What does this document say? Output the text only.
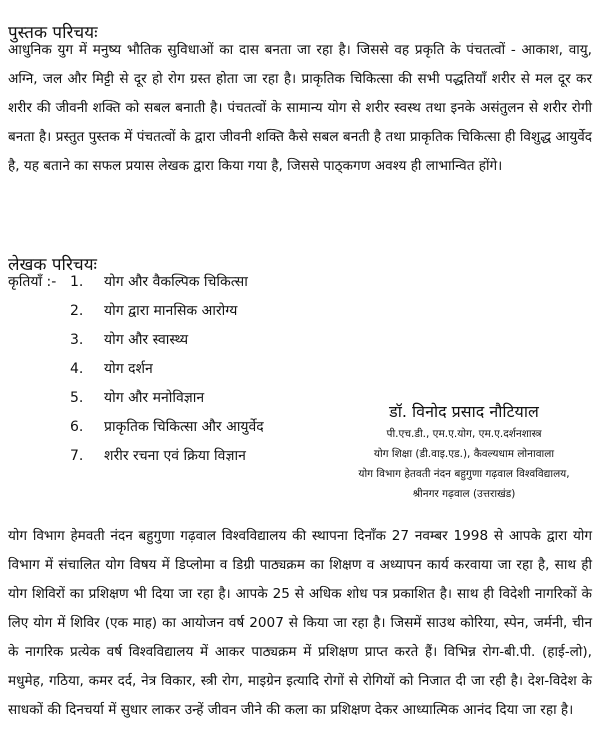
पुस्तक परिचयः

आधुनिक युग में मनुष्य भौतिक सुविधाओं का दास बनता जा रहा है। जिससे वह प्रकृति के पंचतत्वों - आकाश, वायु, अग्नि, जल और मिट्टी से दूर हो रोग ग्रस्त होता जा रहा है। प्राकृतिक चिकित्सा की सभी पद्धतियाँ शरीर से मल दूर कर शरीर की जीवनी शक्ति को सबल बनाती है। पंचतत्वों के सामान्य योग से शरीर स्वस्थ तथा इनके असंतुलन से शरीर रोगी बनता है। प्रस्तुत पुस्तक में पंचतत्वों के द्वारा जीवनी शक्ति कैसे सबल बनती है तथा प्राकृतिक चिकित्सा ही विशुद्ध आयुर्वेद है, यह बताने का सफल प्रयास लेखक द्वारा किया गया है, जिससे पाठ्कगण अवश्य ही लाभान्वित होंगे।

लेखक परिचयः
कृतियाँ :- 1. योग और वैकल्पिक चिकित्सा
2. योग द्वारा मानसिक आरोग्य
3. योग और स्वास्थ्य
4. योग दर्शन
5. योग और मनोविज्ञान
6. प्राकृतिक चिकित्सा और आयुर्वेद
7. शरीर रचना एवं क्रिया विज्ञान
डॉ. विनोद प्रसाद नौटियाल
पी.एच.डी., एम.ए.योग, एम.ए.दर्शनशास्त्र
योग शिक्षा (डी.वाइ.एड.), कैवल्यधाम लोनावाला
योग विभाग हेतवती नंदन बहुगुणा गढ़वाल विश्वविद्यालय,
श्रीनगर गढ़वाल (उत्तराखंड)

योग विभाग हेमवती नंदन बहुगुणा गढ़वाल विश्वविद्यालय की स्थापना दिनाँक 27 नवम्बर 1998 से आपके द्वारा योग विभाग में संचालित योग विषय में डिप्लोमा व डिग्री पाठ्यक्रम का शिक्षण व अध्यापन कार्य करवाया जा रहा है, साथ ही योग शिविरों का प्रशिक्षण भी दिया जा रहा है। आपके 25 से अधिक शोध पत्र प्रकाशित है। साथ ही विदेशी नागरिकों के लिए योग में शिविर (एक माह) का आयोजन वर्ष 2007 से किया जा रहा है। जिसमें साउथ कोरिया, स्पेन, जर्मनी, चीन के नागरिक प्रत्येक वर्ष विश्वविद्यालय में आकर पाठ्यक्रम में प्रशिक्षण प्राप्त करते हैं। विभिन्न रोग-बी.पी. (हाई-लो), मधुमेह, गठिया, कमर दर्द, नेत्र विकार, स्त्री रोग, माइग्रेन इत्यादि रोगों से रोगियों को निजात दी जा रही है। देश-विदेश के साधकों की दिनचर्या में सुधार लाकर उन्हें जीवन जीने की कला का प्रशिक्षण देकर आध्यात्मिक आनंद दिया जा रहा है।
